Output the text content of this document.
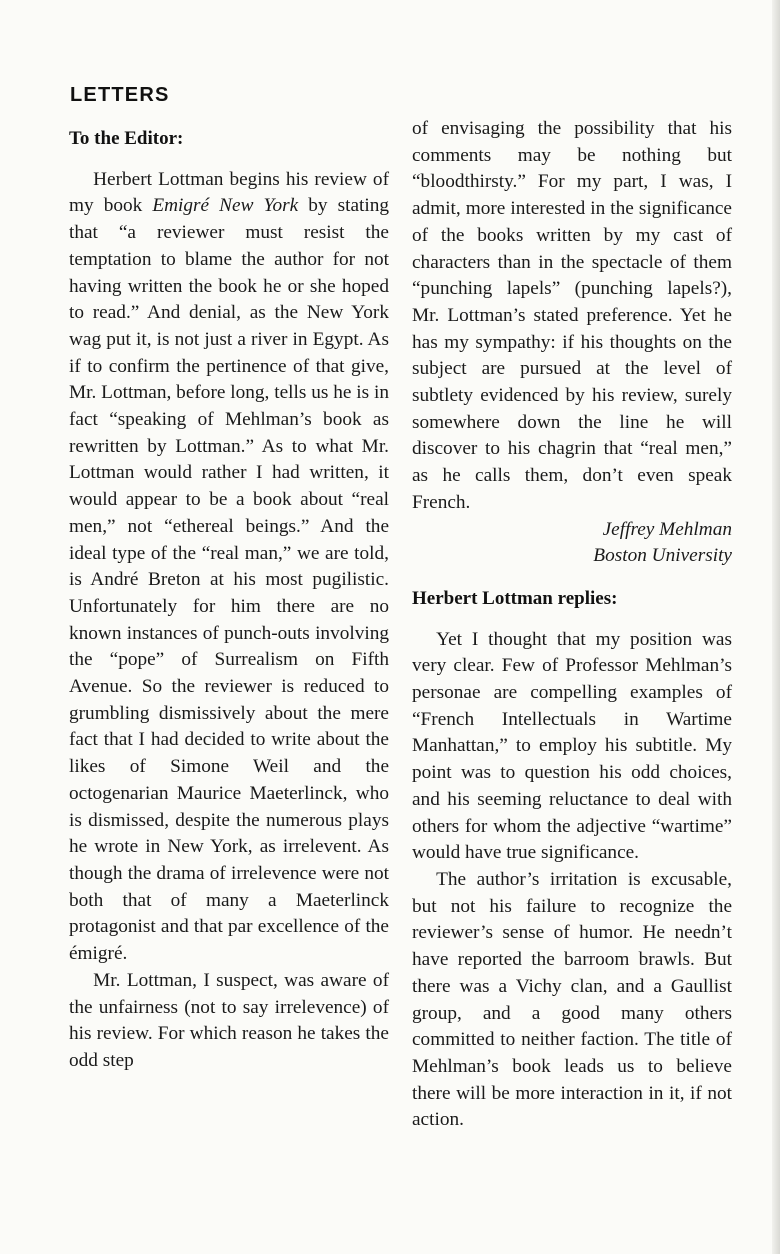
LETTERS
To the Editor:

Herbert Lottman begins his review of my book Emigré New York by stating that “a reviewer must resist the temptation to blame the author for not having written the book he or she hoped to read.” And denial, as the New York wag put it, is not just a river in Egypt. As if to confirm the pertinence of that give, Mr. Lottman, before long, tells us he is in fact “speaking of Mehlman’s book as rewritten by Lottman.” As to what Mr. Lottman would rather I had written, it would appear to be a book about “real men,” not “ethereal beings.” And the ideal type of the “real man,” we are told, is André Breton at his most pugilistic. Unfortunately for him there are no known instances of punch-outs involving the “pope” of Surrealism on Fifth Avenue. So the reviewer is reduced to grumbling dismissively about the mere fact that I had decided to write about the likes of Simone Weil and the octogenarian Maurice Maeterlinck, who is dismissed, despite the numerous plays he wrote in New York, as irrelevent. As though the drama of irrelevence were not both that of many a Maeterlinck protagonist and that par excellence of the émigré.

Mr. Lottman, I suspect, was aware of the unfairness (not to say irrelevence) of his review. For which reason he takes the odd step

of envisaging the possibility that his comments may be nothing but “bloodthirsty.” For my part, I was, I admit, more interested in the significance of the books written by my cast of characters than in the spectacle of them “punching lapels” (punching lapels?), Mr. Lottman’s stated preference. Yet he has my sympathy: if his thoughts on the subject are pursued at the level of subtlety evidenced by his review, surely somewhere down the line he will discover to his chagrin that “real men,” as he calls them, don’t even speak French.

Jeffrey Mehlman
Boston University
Herbert Lottman replies:

Yet I thought that my position was very clear. Few of Professor Mehlman’s personae are compelling examples of “French Intellectuals in Wartime Manhattan,” to employ his subtitle. My point was to question his odd choices, and his seeming reluctance to deal with others for whom the adjective “wartime” would have true significance.

The author’s irritation is excusable, but not his failure to recognize the reviewer’s sense of humor. He needn’t have reported the barroom brawls. But there was a Vichy clan, and a Gaullist group, and a good many others committed to neither faction. The title of Mehlman’s book leads us to believe there will be more interaction in it, if not action.
